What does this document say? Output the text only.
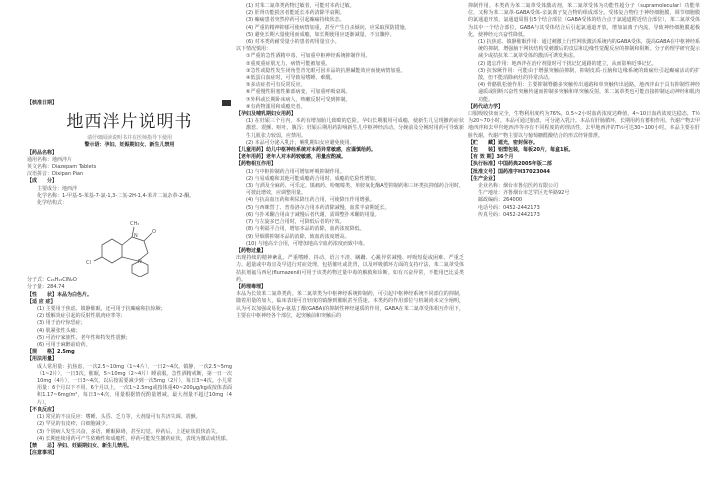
【核准日期】

地西泮片说明书

请仔细阅读说明书并在医师指导下使用

警示语：孕妇、妊娠期妇女、新生儿禁用

【药品名称】

通用名称：地西泮片

英文名称：Diazepam Tablets

汉语拼音：Dixipan Pian

【成　　分】

主要成分：地西泮

化学名称：1-甲基-5-苯基-7-氯-1,3-二氢-2H-1,4-苯并二氮杂䓬-2-酮。

化学结构式：

CH₃
O
Cl
N
N

分子式：C₁₆H₁₃ClN₂O

分子量：284.74

【性　　状】本品为白色片。

【适 应 症】

(1) 主要用于焦虑、镇静催眠，还可用于抗癫痫和抗惊厥；

(2) 缓解炎症引起的反射性肌肉痉挛等；

(3) 用于治疗惊恐症；

(4) 肌紧张性头痛；

(5) 可治疗家族性、老年性和特发性震颤；

(6) 可用于麻醉前给药。

【规　　格】2.5mg

【用法用量】

成人常用量：抗焦虑，一次2.5~10mg（1~4片），一日2~4次。镇静，一次2.5~5mg（1~2片），一日3次。催眠，5~10mg（2~4片）睡前服。急性酒精戒断，第一日一次10mg（4片），一日3~4次，以后按需要减少到一次5mg（2片），每日3~4次。小儿常用量：6个月以下不用，6个月以上，一次1~2.5mg或按体重40~200μg/kg或按体表面积1.17~6mg/m²，每日3~4次，用量根据情况酌量增减。最大剂量不超过10mg（4片）。

【不良反应】

(1) 常见的不良反应：嗜睡、头昏、乏力等，大剂量可有共济失调、震颤。

(2) 罕见的有皮疹，白细胞减少。

(3) 个别病人发生兴奋，多语，睡眠障碍，甚至幻觉。停药后，上述症状很快消失。

(4) 长期连续用药可产生依赖性和成瘾性，停药可能发生撤药症状，表现为激动或忧郁。

【禁　　忌】孕妇、妊娠期妇女、新生儿禁用。

【注意事项】

(1) 对苯二氮䓬类药物过敏者，可能对本药过敏。

(2) 肝肾功能损害者能延长本药清除半衰期。

(3) 癫痫患者突然停药可引起癫痫持续状态。

(4) 严重的精神抑郁可使病情加重，甚至产生自杀倾向，应采取预防措施。

(5) 避免长期大量使用而成瘾，如长期使用应逐渐减量，不宜骤停。

(6) 对本类药耐受量小的患者初用量宜小。

以下情况慎用：

①严重的急性酒精中毒，可加重中枢神经系统抑制作用。

②重度重症肌无力，病情可能被加重。

③急性或隐性发生闭角型青光眼可因本品的抗胆碱能效应而使病情加重。

④低蛋白血症时，可导致易嗜睡、难醒。

⑤多动症者可有反常反应。

⑥严重慢性阻塞性肺部病变，可加重呼吸衰竭。

⑦外科或长期卧床病人，咳嗽反射可受到抑制。

⑧有药物滥用和成瘾史者。

【孕妇及哺乳期妇女用药】

(1) 在妊娠三个月内，本药有增加胎儿致畸的危险。孕妇长期服用可成瘾，使新生儿呈现撤药症状激惹、震颤、呕吐、腹泻；妊娠后期用药影响新生儿中枢神经活动。分娩前及分娩时用药可导致新生儿肌张力较弱，应禁用。

(2) 本品可分泌入乳汁，哺乳期妇女应避免使用。

【儿童用药】幼儿中枢神经系统对本药异常敏感，应谨慎给药。

【老年用药】老年人对本药较敏感，用量应酌减。

【药物相互作用】

(1) 与中枢抑制药合用可增加呼吸抑制作用。

(2) 与易成瘾和其他可能成瘾药合用时，成瘾的危险性增加。

(3) 与酒及全麻药、可乐定、镇痛药、吩噻嗪类、单胺氧化酶A型抑制药和三环类抗抑郁药合用时，可彼此增效，应调整用量。

(4) 与抗高血压药和利尿降压药合用，可使降压作用增强。

(5) 与西咪替丁、普萘洛尔合用本药清除减慢，血浆半衰期延长。

(6) 与扑米酮合用由于减慢后者代谢，需调整扑米酮的用量。

(7) 与左旋多巴合用时，可降低后者的疗效。

(8) 与利福平合用，增加本品的消除，血药浓度降低。

(9) 异烟肼抑制本品的消除，致血药浓度增高。

(10) 与地高辛合用，可增加地高辛血药浓度而致中毒。

【药物过量】

出现持续的精神紊乱、严重嗜睡、抖动、语言不清、蹒跚、心跳异常减慢、呼吸短促或困难、严重乏力。超量或中毒宜及早进行对症处理，包括催吐或洗胃，以及呼吸循环方面的支持疗法，苯二氮䓬受体拮抗剂氟马西尼(flumazenil)可用于该类药物过量中毒的解救和诊断。如有兴奋异常，不能用巴比妥类药。

【药理毒理】

本品为长效苯二氮䓬类药。苯二氮䓬类为中枢神经系统抑制药，可引起中枢神经系统不同部位的抑制，随着用量的加大，临床表现可自轻度的镇静到催眠甚至昏迷。本类药的作用部位与机制尚未完全阐明，认为可以加强或易化γ-氨基丁酸(GABA)的抑制性神经递质的作用，GABA在苯二氮䓬受体相互作用下，主要在中枢神经各个部位，起突触前和突触后的

抑制作用。本类药为苯二氮䓬受体激动剂，苯二氮䓬受体为功能性超分子（supramolecular）功能单位，又称为苯二氮䓬-GABA受体-亲氯离子复合物的组成部分。受体复合物位于神经细胞膜，调节细胞膜的氯通道开放，氯通道周围有5个结合部位（GABA受体的结合点于氯通道附近结合部位），苯二氮䓬受体为其中一个结合部位，GABA与其受体结合后引起氯通道开放，增加氯离子内流，导致神经细胞膜超极化，使神经元兴奋性降低。

(1) 抗焦虑、镇静催眠作用：通过刺激上行性网状激活系统内的GABA受体，提高GABA在中枢神经系统的抑制，增强脑干网状结构受刺激后的皮层和边缘性觉醒反应的抑制和阻断。分子药理学研究提示减少或拮抗苯二氮䓬受体的激活可诱发焦虑。

(2) 遗忘作用：地西泮在治疗剂量时可干扰记忆通路的建立，从而影响近事记忆。

(3) 抗惊厥作用：可能由于增强突触前抑制，抑制皮质-丘脑和边缘系统的致痫灶引起癫痫活动的扩散，但不能消除病灶的异常活动。

(4) 骨骼肌松弛作用：主要抑制脊髓多突触传出通路和单突触传出通路。地西泮由于具有抑制性神经递质或阻断兴奋性突触传递而抑制多突触和单突触反射。苯二氮䓬类也可能直接抑制运动神经和肌肉功能。

【药代动力学】

口服吸收快而完全，生物利用度约为76%，0.5~2小时血药浓度达峰值，4~10日血药浓度达稳态，T½为20~70小时。本品可通过胎盘，可分泌入乳汁。本品有肝肠循环，长期用药有蓄积作用。代谢产物去甲地西泮和去甲羟地西泮等亦有不同程度的药理活性，去甲地西泮的T½可达30~100小时。本品主要在肝脏代谢，代谢产物主要以与葡萄糖醛酸结合的形式经肾排泄。

【贮　　藏】遮光，密封保存。

【包　　装】铝塑包装，每板20片，每盒1板。

【有 效 期】36个月

【执行标准】中国药典2005年版二部

【批准文号】国药准字H37023044

【生产企业】

企业名称：烟台市鲁信医药有限公司

生产地址：齐鲁烟台市芝罘区光华路92号

邮政编码：264000

电话号码：0452-2442173

传真号码：0452-2442173
